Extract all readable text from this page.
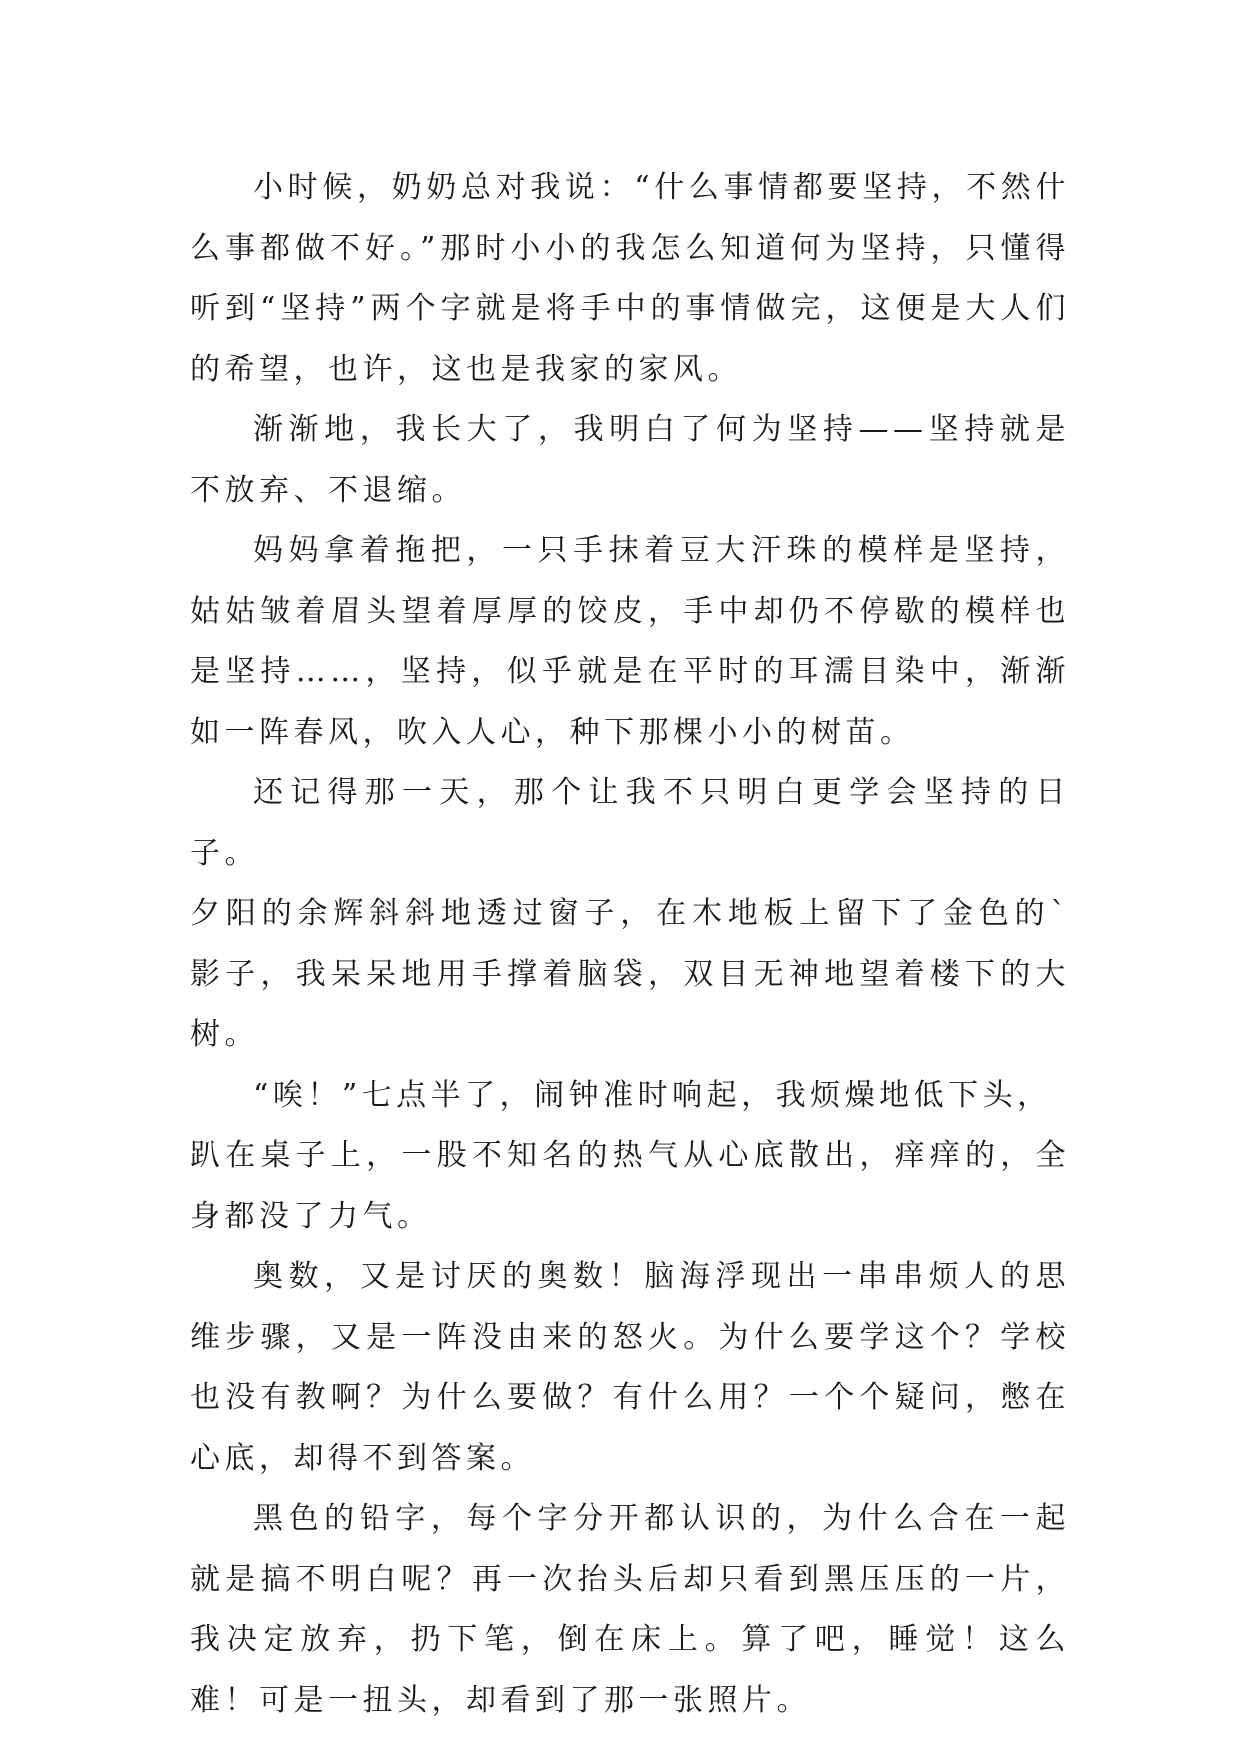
小时候，奶奶总对我说：“什么事情都要坚持，不然什么事都做不好。”那时小小的我怎么知道何为坚持，只懂得听到“坚持”两个字就是将手中的事情做完，这便是大人们的希望，也许，这也是我家的家风。

渐渐地，我长大了，我明白了何为坚持——坚持就是不放弃、不退缩。

妈妈拿着拖把，一只手抹着豆大汗珠的模样是坚持，姑姑皱着眉头望着厚厚的饺皮，手中却仍不停歇的模样也是坚持……，坚持，似乎就是在平时的耳濡目染中，渐渐如一阵春风，吹入人心，种下那棵小小的树苗。

还记得那一天，那个让我不只明白更学会坚持的日子。

夕阳的余辉斜斜地透过窗子，在木地板上留下了金色的`影子，我呆呆地用手撑着脑袋，双目无神地望着楼下的大树。

“唉！”七点半了，闹钟准时响起，我烦燥地低下头，

趴在桌子上，一股不知名的热气从心底散出，痒痒的，全身都没了力气。

奥数，又是讨厌的奥数！脑海浮现出一串串烦人的思维步骤，又是一阵没由来的怒火。为什么要学这个？学校也没有教啊？为什么要做？有什么用？一个个疑问，憋在心底，却得不到答案。

黑色的铅字，每个字分开都认识的，为什么合在一起就是搞不明白呢？再一次抬头后却只看到黑压压的一片，我决定放弃，扔下笔，倒在床上。算了吧，睡觉！这么难！可是一扭头，却看到了那一张照片。
